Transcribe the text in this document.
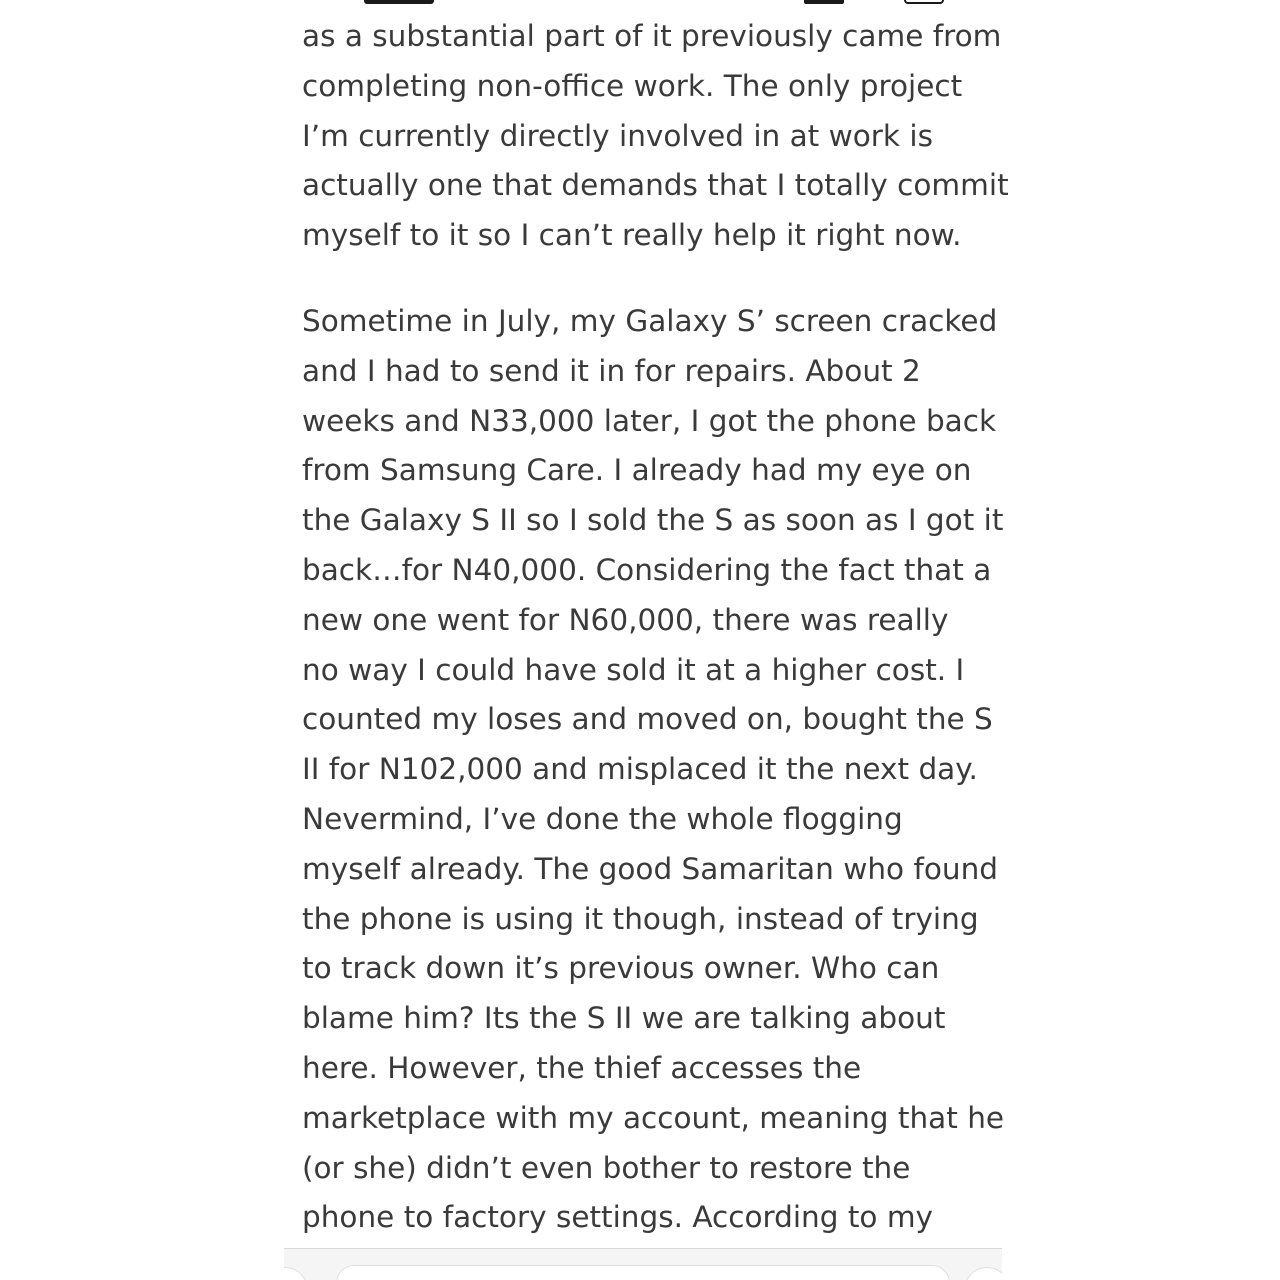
as a substantial part of it previously came from
completing non-office work. The only project
I’m currently directly involved in at work is
actually one that demands that I totally commit
myself to it so I can’t really help it right now.
Sometime in July, my Galaxy S’ screen cracked
and I had to send it in for repairs. About 2
weeks and N33,000 later, I got the phone back
from Samsung Care. I already had my eye on
the Galaxy S II so I sold the S as soon as I got it
back…for N40,000. Considering the fact that a
new one went for N60,000, there was really
no way I could have sold it at a higher cost. I
counted my loses and moved on, bought the S
II for N102,000 and misplaced it the next day.
Nevermind, I’ve done the whole flogging
myself already. The good Samaritan who found
the phone is using it though, instead of trying
to track down it’s previous owner. Who can
blame him? Its the S II we are talking about
here. However, the thief accesses the
marketplace with my account, meaning that he
(or she) didn’t even bother to restore the
phone to factory settings. According to my
